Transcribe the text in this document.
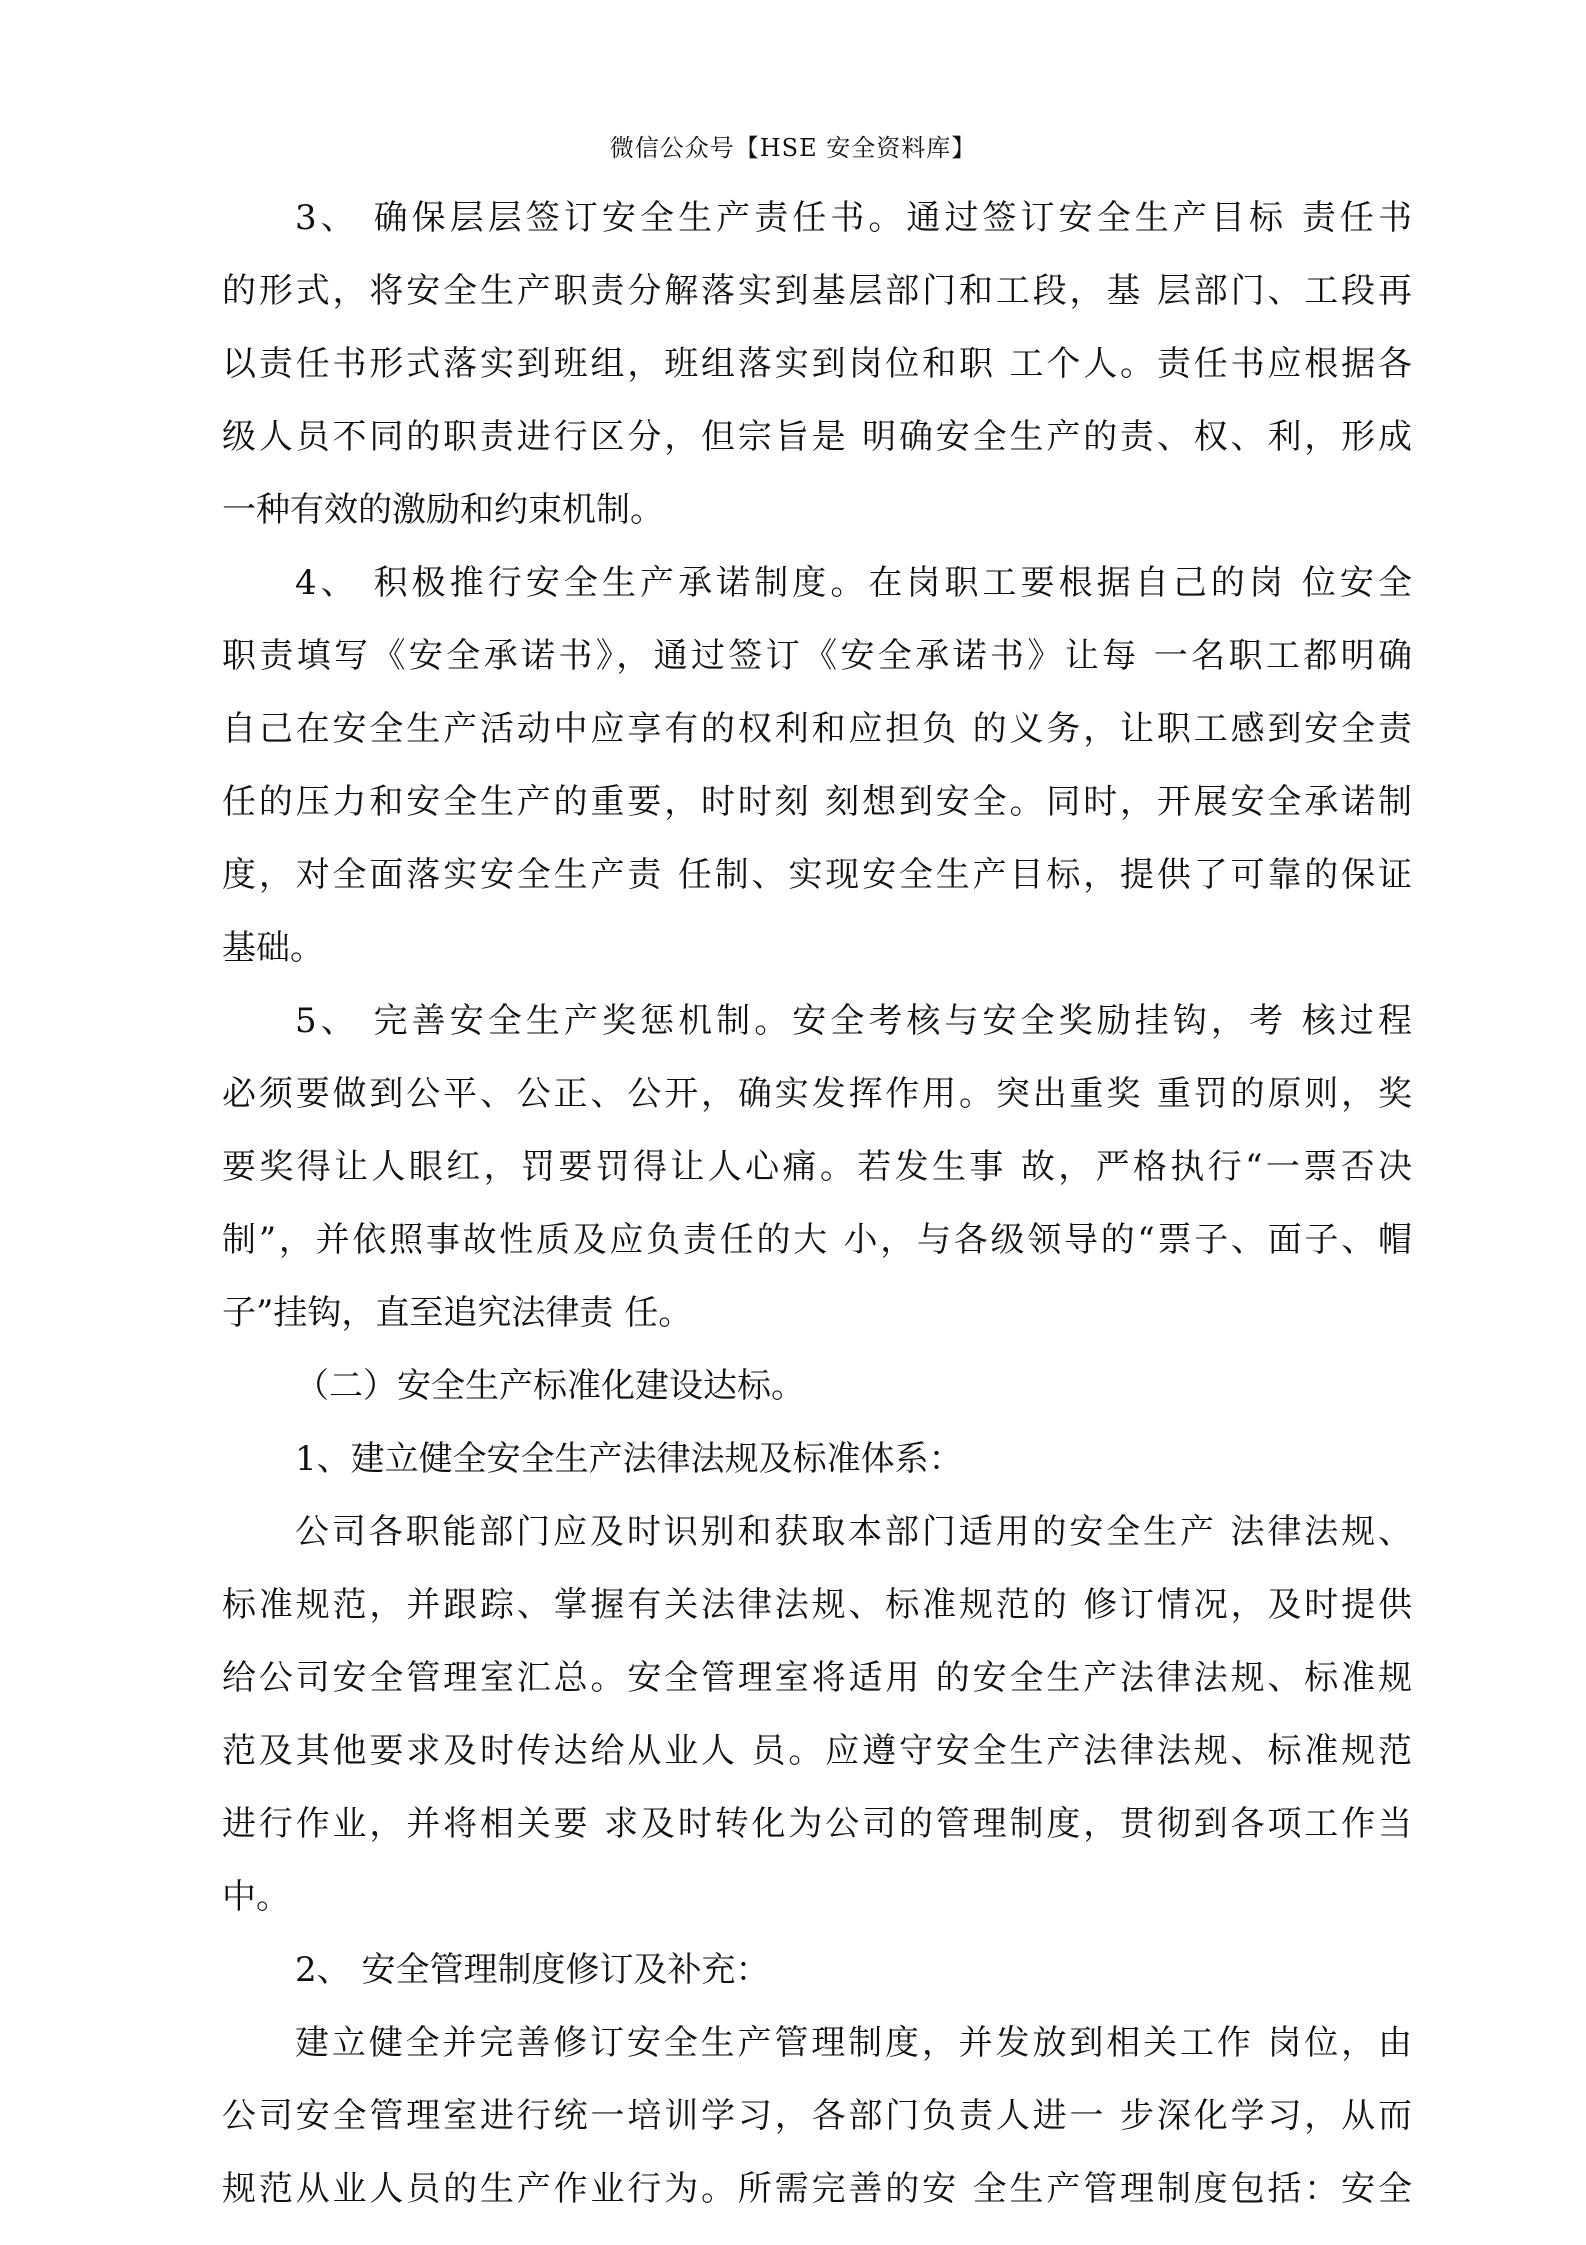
微信公众号【HSE 安全资料库】
3、 确保层层签订安全生产责任书。通过签订安全生产目标 责任书
的形式，将安全生产职责分解落实到基层部门和工段，基 层部门、工段再
以责任书形式落实到班组，班组落实到岗位和职 工个人。责任书应根据各
级人员不同的职责进行区分，但宗旨是 明确安全生产的责、权、利，形成
一种有效的激励和约束机制。
4、 积极推行安全生产承诺制度。在岗职工要根据自己的岗 位安全
职责填写《安全承诺书》，通过签订《安全承诺书》让每 一名职工都明确
自己在安全生产活动中应享有的权利和应担负 的义务，让职工感到安全责
任的压力和安全生产的重要，时时刻 刻想到安全。同时，开展安全承诺制
度，对全面落实安全生产责 任制、实现安全生产目标，提供了可靠的保证
基础。
5、 完善安全生产奖惩机制。安全考核与安全奖励挂钩，考 核过程
必须要做到公平、公正、公开，确实发挥作用。突出重奖 重罚的原则，奖
要奖得让人眼红，罚要罚得让人心痛。若发生事 故，严格执行“一票否决
制”，并依照事故性质及应负责任的大 小，与各级领导的“票子、面子、帽
子”挂钩，直至追究法律责 任。
（二）安全生产标准化建设达标。
1、建立健全安全生产法律法规及标准体系：
公司各职能部门应及时识别和获取本部门适用的安全生产 法律法规、
标准规范，并跟踪、掌握有关法律法规、标准规范的 修订情况，及时提供
给公司安全管理室汇总。安全管理室将适用 的安全生产法律法规、标准规
范及其他要求及时传达给从业人 员。应遵守安全生产法律法规、标准规范
进行作业，并将相关要 求及时转化为公司的管理制度，贯彻到各项工作当
中。
2、 安全管理制度修订及补充：
建立健全并完善修订安全生产管理制度，并发放到相关工作 岗位，由
公司安全管理室进行统一培训学习，各部门负责人进一 步深化学习，从而
规范从业人员的生产作业行为。所需完善的安 全生产管理制度包括：安全
